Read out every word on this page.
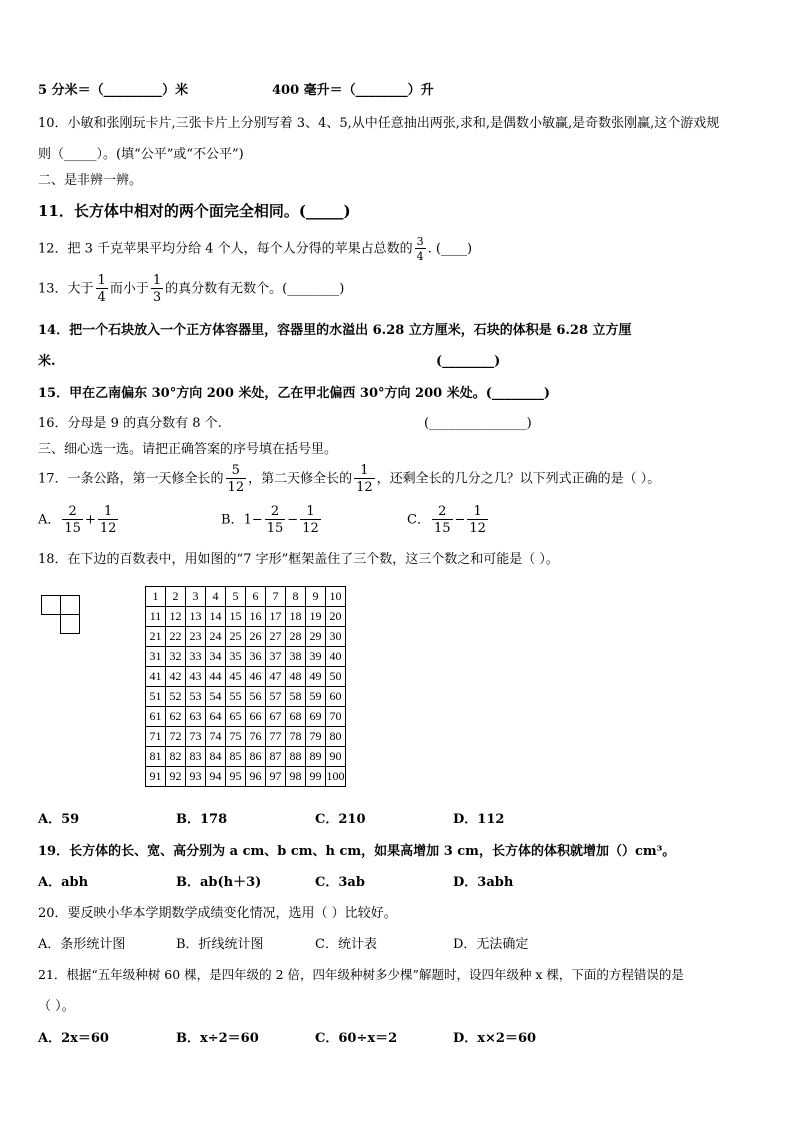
5 分米＝（_________）米	400 毫升＝（________）升
10．小敏和张刚玩卡片,三张卡片上分别写着 3、4、5,从中任意抽出两张,求和,是偶数小敏赢,是奇数张刚赢,这个游戏规
则（_____）。(填“公平”或“不公平”)
二、是非辨一辨。
11．长方体中相对的两个面完全相同。(_____)
12．把 3 千克苹果平均分给 4 个人，每个人分得的苹果占总数的 $\frac{3}{4}$ . (____)
13．大于 $\frac{1}{4}$ 而小于 $\frac{1}{3}$ 的真分数有无数个。(________)
14．把一个石块放入一个正方体容器里，容器里的水溢出 6.28 立方厘米，石块的体积是 6.28 立方厘
米.	(________)
15．甲在乙南偏东 30°方向 200 米处，乙在甲北偏西 30°方向 200 米处。(________)
16．分母是 9 的真分数有 8 个.	(_______________)
三、细心选一选。请把正确答案的序号填在括号里。
17．一条公路，第一天修全长的 $\frac{5}{12}$ ，第二天修全长的 $\frac{1}{12}$ ，还剩全长的几分之几？以下列式正确的是（ ）。
A． $\frac{2}{15} + \frac{1}{12}$	B．$1- \frac{2}{15} - \frac{1}{12}$	C． $\frac{2}{15} - \frac{1}{12}$
18．在下边的百数表中，用如图的“7 字形”框架盖住了三个数，这三个数之和可能是（ ）。
1	2	3	4	5	6	7	8	9	10
11	12	13	14	15	16	17	18	19	20
21	22	23	24	25	26	27	28	29	30
31	32	33	34	35	36	37	38	39	40
41	42	43	44	45	46	47	48	49	50
51	52	53	54	55	56	57	58	59	60
61	62	63	64	65	66	67	68	69	70
71	72	73	74	75	76	77	78	79	80
81	82	83	84	85	86	87	88	89	90
91	92	93	94	95	96	97	98	99	100
A．59	B．178	C．210	D．112
19．长方体的长、宽、高分别为 a cm、b cm、h cm，如果高增加 3 cm，长方体的体积就增加（）cm³。
A．abh	B．ab(h＋3)	C．3ab	D．3abh
20．要反映小华本学期数学成绩变化情况，选用（ ）比较好。
A．条形统计图	B．折线统计图	C．统计表	D．无法确定
21．根据“五年级种树 60 棵，是四年级的 2 倍，四年级种树多少棵”解题时，设四年级种 x 棵，下面的方程错误的是
（ ）。
A．2x＝60	B．x÷2＝60	C．60÷x＝2	D．x×2＝60
